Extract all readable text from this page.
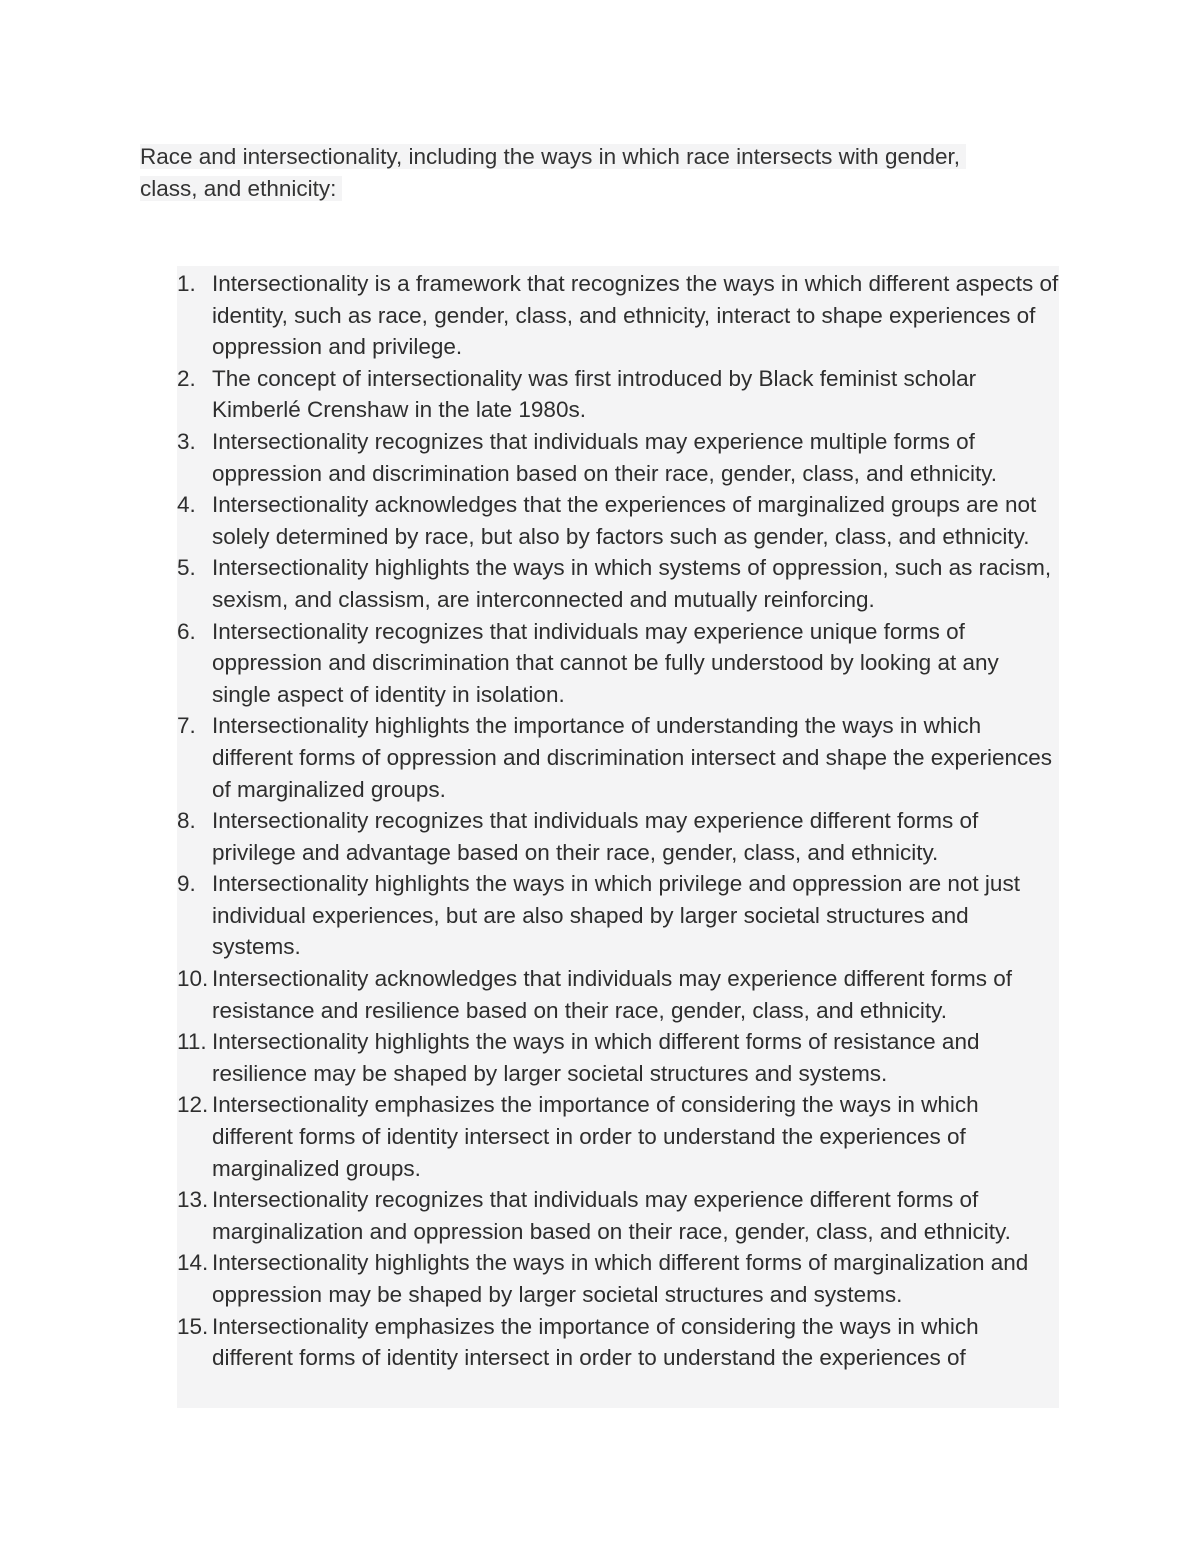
Race and intersectionality, including the ways in which race intersects with gender, class, and ethnicity:

1. Intersectionality is a framework that recognizes the ways in which different aspects of identity, such as race, gender, class, and ethnicity, interact to shape experiences of oppression and privilege.
2. The concept of intersectionality was first introduced by Black feminist scholar Kimberlé Crenshaw in the late 1980s.
3. Intersectionality recognizes that individuals may experience multiple forms of oppression and discrimination based on their race, gender, class, and ethnicity.
4. Intersectionality acknowledges that the experiences of marginalized groups are not solely determined by race, but also by factors such as gender, class, and ethnicity.
5. Intersectionality highlights the ways in which systems of oppression, such as racism, sexism, and classism, are interconnected and mutually reinforcing.
6. Intersectionality recognizes that individuals may experience unique forms of oppression and discrimination that cannot be fully understood by looking at any single aspect of identity in isolation.
7. Intersectionality highlights the importance of understanding the ways in which different forms of oppression and discrimination intersect and shape the experiences of marginalized groups.
8. Intersectionality recognizes that individuals may experience different forms of privilege and advantage based on their race, gender, class, and ethnicity.
9. Intersectionality highlights the ways in which privilege and oppression are not just individual experiences, but are also shaped by larger societal structures and systems.
10. Intersectionality acknowledges that individuals may experience different forms of resistance and resilience based on their race, gender, class, and ethnicity.
11. Intersectionality highlights the ways in which different forms of resistance and resilience may be shaped by larger societal structures and systems.
12. Intersectionality emphasizes the importance of considering the ways in which different forms of identity intersect in order to understand the experiences of marginalized groups.
13. Intersectionality recognizes that individuals may experience different forms of marginalization and oppression based on their race, gender, class, and ethnicity.
14. Intersectionality highlights the ways in which different forms of marginalization and oppression may be shaped by larger societal structures and systems.
15. Intersectionality emphasizes the importance of considering the ways in which different forms of identity intersect in order to understand the experiences of
